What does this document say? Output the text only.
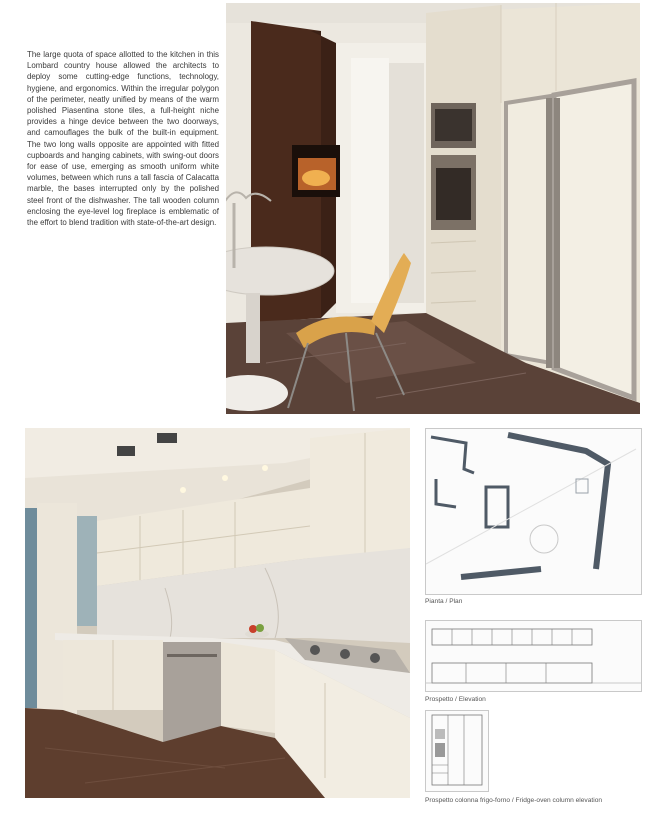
The large quota of space allotted to the kitchen in this Lombard country house allowed the architects to deploy some cutting-edge functions, technology, hygiene, and ergonomics. Within the irregular polygon of the perimeter, neatly unified by means of the warm polished Piasentina stone tiles, a full-height niche provides a hinge device between the two doorways, and camouflages the bulk of the built-in equipment. The two long walls opposite are appointed with fitted cupboards and hanging cabinets, with swing-out doors for ease of use, emerging as smooth uniform white volumes, between which runs a tall fascia of Calacatta marble, the bases interrupted only by the polished steel front of the dishwasher. The tall wooden column enclosing the eye-level log fireplace is emblematic of the effort to blend tradition with state-of-the-art design.

Pianta / Plan
Prospetto / Elevation
Prospetto colonna frigo-forno / Fridge-oven column elevation
